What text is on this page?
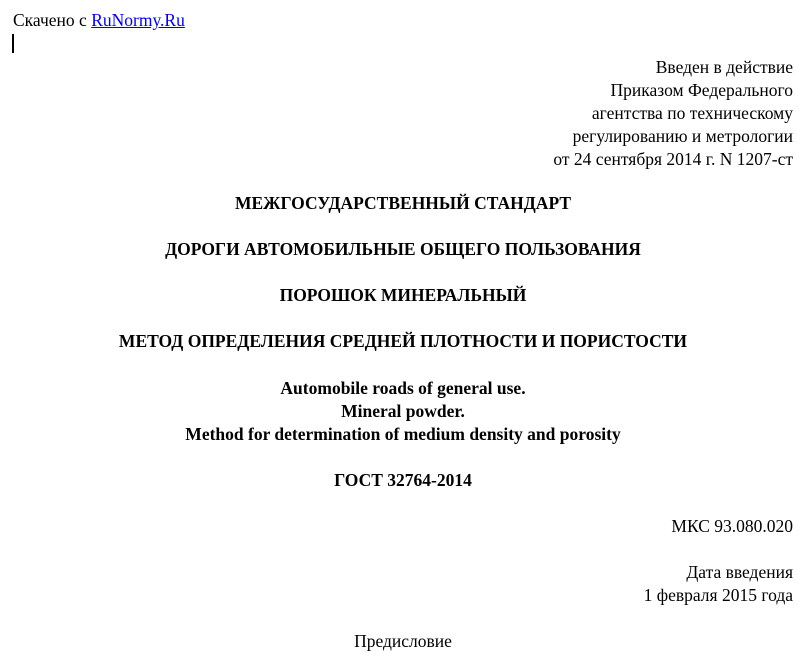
Скачено с RuNormy.Ru
Введен в действие
Приказом Федерального
агентства по техническому
регулированию и метрологии
от 24 сентября 2014 г. N 1207-ст
МЕЖГОСУДАРСТВЕННЫЙ СТАНДАРТ
ДОРОГИ АВТОМОБИЛЬНЫЕ ОБЩЕГО ПОЛЬЗОВАНИЯ
ПОРОШОК МИНЕРАЛЬНЫЙ
МЕТОД ОПРЕДЕЛЕНИЯ СРЕДНЕЙ ПЛОТНОСТИ И ПОРИСТОСТИ
Automobile roads of general use.
Mineral powder.
Method for determination of medium density and porosity
ГОСТ 32764-2014
МКС 93.080.020
Дата введения
1 февраля 2015 года
Предисловие
